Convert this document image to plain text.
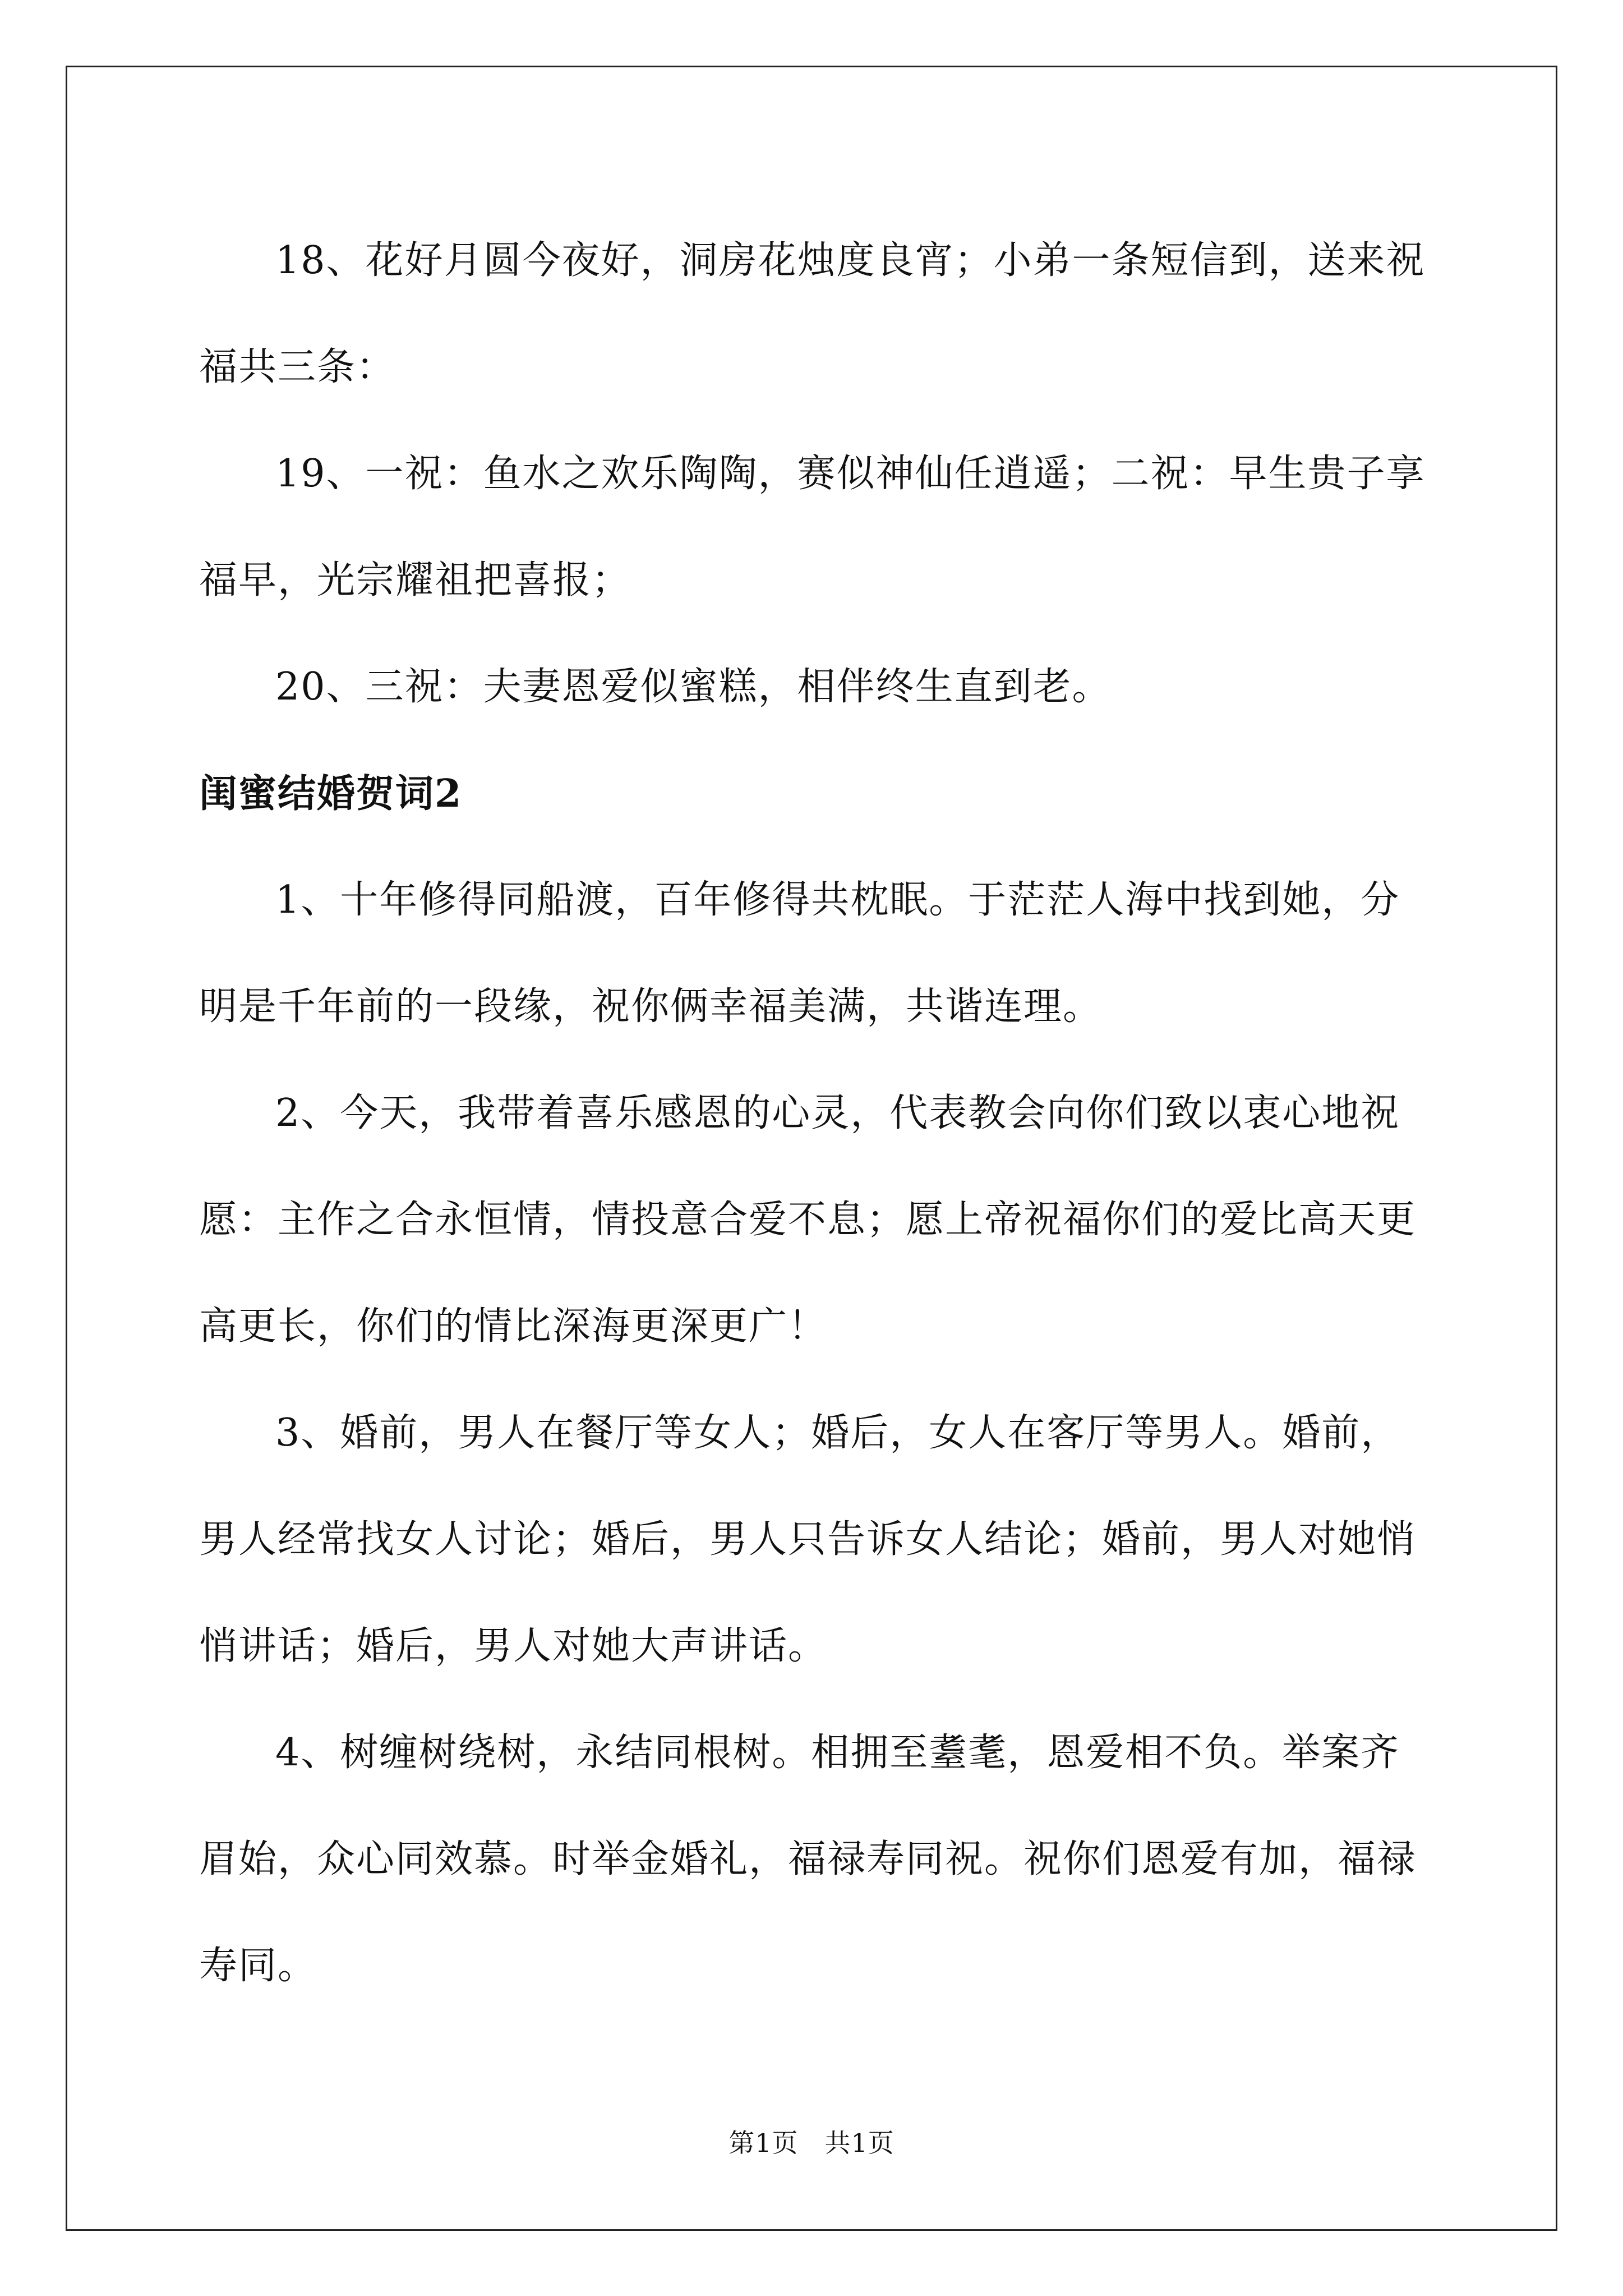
18、花好月圆今夜好，洞房花烛度良宵；小弟一条短信到，送来祝福共三条：

19、一祝：鱼水之欢乐陶陶，赛似神仙任逍遥；二祝：早生贵子享福早，光宗耀祖把喜报；

20、三祝：夫妻恩爱似蜜糕，相伴终生直到老。

闺蜜结婚贺词2

1、十年修得同船渡，百年修得共枕眠。于茫茫人海中找到她，分明是千年前的一段缘，祝你俩幸福美满，共谐连理。

2、今天，我带着喜乐感恩的心灵，代表教会向你们致以衷心地祝愿：主作之合永恒情，情投意合爱不息；愿上帝祝福你们的爱比高天更高更长，你们的情比深海更深更广！

3、婚前，男人在餐厅等女人；婚后，女人在客厅等男人。婚前，男人经常找女人讨论；婚后，男人只告诉女人结论；婚前，男人对她悄悄讲话；婚后，男人对她大声讲话。

4、树缠树绕树，永结同根树。相拥至耋耄，恩爱相不负。举案齐眉始，众心同效慕。时举金婚礼，福禄寿同祝。祝你们恩爱有加，福禄寿同。

第1页　共1页
